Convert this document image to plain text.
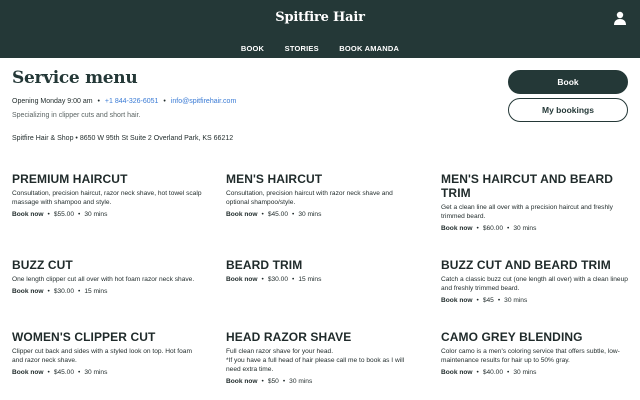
Spitfire Hair
BOOK	STORIES	BOOK AMANDA
Service menu
Opening Monday 9:00 am • +1 844-326-6051 • info@spitfirehair.com
Specializing in clipper cuts and short hair.
Spitfire Hair & Shop • 8650 W 95th St Suite 2 Overland Park, KS 66212
Book
My bookings
PREMIUM HAIRCUT
Consultation, precision haircut, razor neck shave, hot towel scalp massage with shampoo and style.
Book now • $55.00 • 30 mins
MEN'S HAIRCUT
Consultation, precision haircut with razor neck shave and optional shampoo/style.
Book now • $45.00 • 30 mins
MEN'S HAIRCUT AND BEARD TRIM
Get a clean line all over with a precision haircut and freshly trimmed beard.
Book now • $60.00 • 30 mins
BUZZ CUT
One length clipper cut all over with hot foam razor neck shave.
Book now • $30.00 • 15 mins
BEARD TRIM
Book now • $30.00 • 15 mins
BUZZ CUT AND BEARD TRIM
Catch a classic buzz cut (one length all over) with a clean lineup and freshly trimmed beard.
Book now • $45 • 30 mins
WOMEN'S CLIPPER CUT
Clipper cut back and sides with a styled look on top. Hot foam and razor neck shave.
Book now • $45.00 • 30 mins
HEAD RAZOR SHAVE
Full clean razor shave for your head.
*If you have a full head of hair please call me to book as I will need extra time.
Book now • $50 • 30 mins
CAMO GREY BLENDING
Color camo is a men's coloring service that offers subtle, low-maintenance results for hair up to 50% gray.
Book now • $40.00 • 30 mins
